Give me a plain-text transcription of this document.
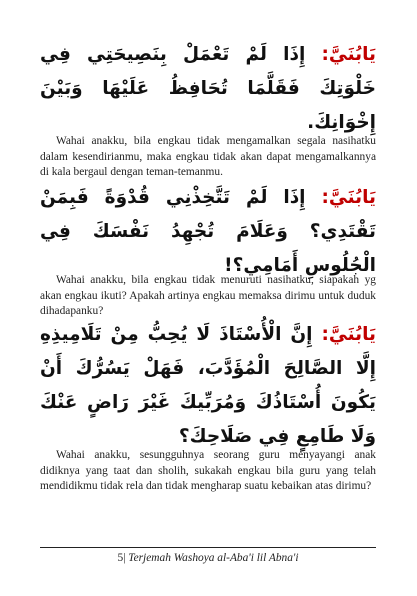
يَابُنَيَّ: إِذَا لَمْ تَعْمَلْ بِنَصِيحَتِي فِي خَلْوَتِكَ فَقَلَّمَا تُحَافِظُ عَلَيْهَا وَبَيْنَ إِخْوَانِكَ.

Wahai anakku, bila engkau tidak mengamalkan segala nasihatku dalam kesendirianmu, maka engkau tidak akan dapat mengamalkannya di kala bergaul dengan teman-temanmu.

يَابُنَيَّ: إِذَا لَمْ تَتَّخِذْنِي قُدْوَةً فَبِمَنْ تَقْتَدِي؟ وَعَلَامَ تُجْهِدُ نَفْسَكَ فِي الْجُلُوسِ أَمَامِي؟!

Wahai anakku, bila engkau tidak menuruti nasihatku, siapakah yg akan engkau ikuti? Apakah artinya engkau memaksa dirimu untuk duduk dihadapanku?

يَابُنَيَّ: إِنَّ الْأُسْتَاذَ لَا يُحِبُّ مِنْ تَلَامِيذِهِ إِلَّا الصَّالِحَ الْمُؤَدَّبَ، فَهَلْ يَسُرُّكَ أَنْ يَكُونَ أُسْتَاذُكَ وَمُرَبِّيكَ غَيْرَ رَاضٍ عَنْكَ وَلَا طَامِعٍ فِي صَلَاحِكَ؟

Wahai anakku, sesungguhnya seorang guru menyayangi anak didiknya yang taat dan sholih, sukakah engkau bila guru yang telah mendidikmu tidak rela dan tidak mengharap suatu kebaikan atas dirimu?

5| Terjemah Washoya al-Aba'i lil Abna'i
